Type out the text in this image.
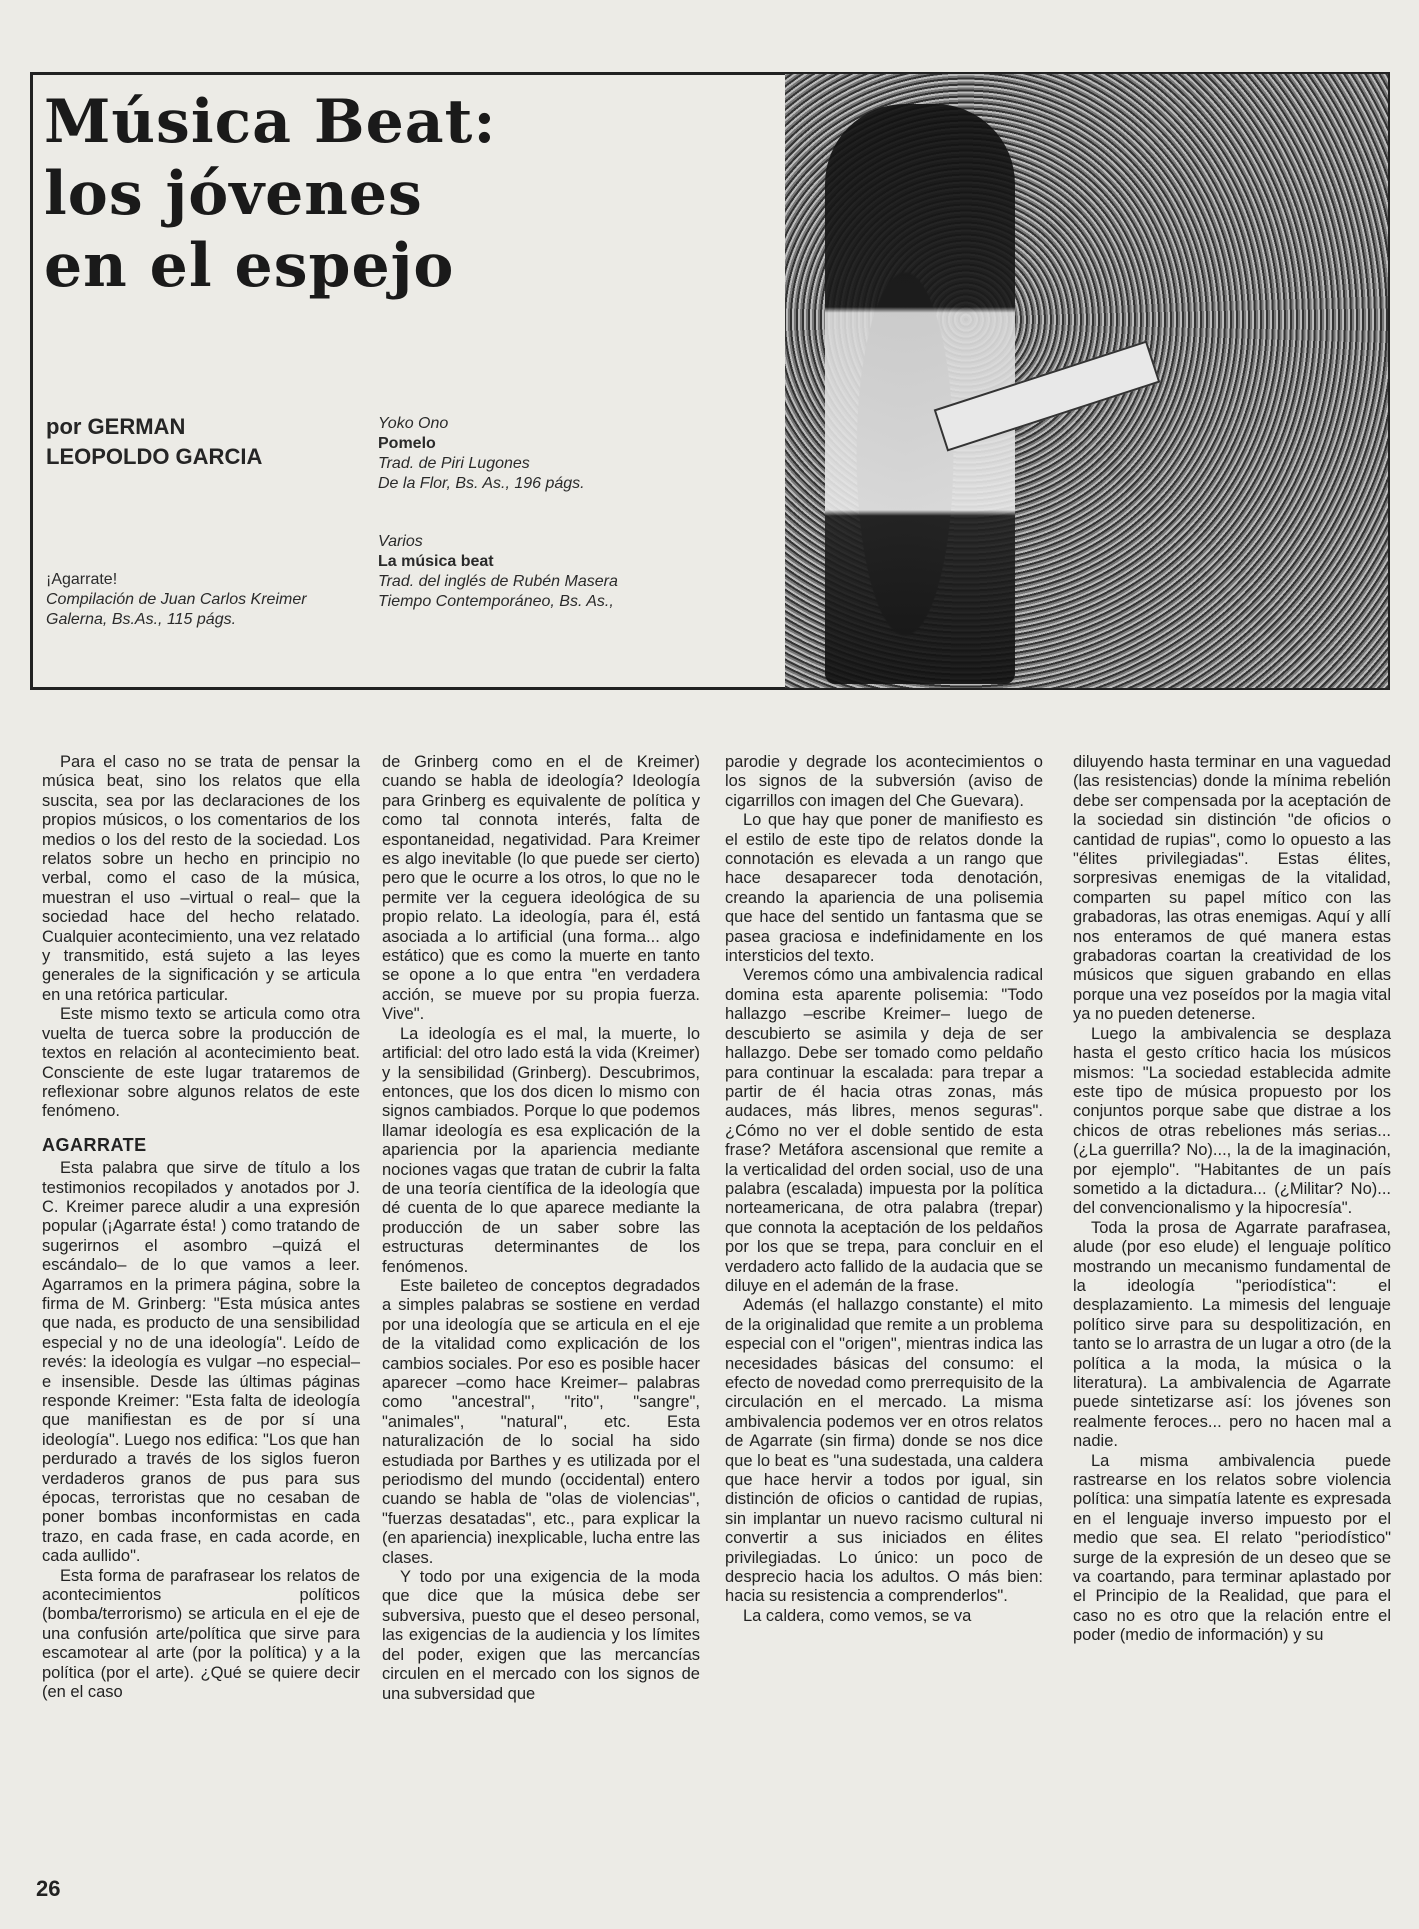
Música Beat:
los jóvenes
en el espejo
por GERMAN
LEOPOLDO GARCIA
Yoko Ono
Pomelo
Trad. de Piri Lugones
De la Flor, Bs. As., 196 págs.
Varios
La música beat
Trad. del inglés de Rubén Masera
Tiempo Contemporáneo, Bs. As.,
¡Agarrate!
Compilación de Juan Carlos Kreimer
Galerna, Bs.As., 115 págs.

Para el caso no se trata de pensar la música beat, sino los relatos que ella suscita, sea por las declaraciones de los propios músicos, o los comentarios de los medios o los del resto de la sociedad. Los relatos sobre un hecho en principio no verbal, como el caso de la música, muestran el uso –virtual o real– que la sociedad hace del hecho relatado. Cualquier acontecimiento, una vez relatado y transmitido, está sujeto a las leyes generales de la significación y se articula en una retórica particular.

Este mismo texto se articula como otra vuelta de tuerca sobre la producción de textos en relación al acontecimiento beat. Consciente de este lugar trataremos de reflexionar sobre algunos relatos de este fenómeno.

AGARRATE

Esta palabra que sirve de título a los testimonios recopilados y anotados por J. C. Kreimer parece aludir a una expresión popular (¡Agarrate ésta! ) como tratando de sugerirnos el asombro –quizá el escándalo– de lo que vamos a leer. Agarramos en la primera página, sobre la firma de M. Grinberg: "Esta música antes que nada, es producto de una sensibilidad especial y no de una ideología". Leído de revés: la ideología es vulgar –no especial– e insensible. Desde las últimas páginas responde Kreimer: "Esta falta de ideología que manifiestan es de por sí una ideología". Luego nos edifica: "Los que han perdurado a través de los siglos fueron verdaderos granos de pus para sus épocas, terroristas que no cesaban de poner bombas inconformistas en cada trazo, en cada frase, en cada acorde, en cada aullido".

Esta forma de parafrasear los relatos de acontecimientos políticos (bomba/terrorismo) se articula en el eje de una confusión arte/política que sirve para escamotear al arte (por la política) y a la política (por el arte). ¿Qué se quiere decir (en el caso

de Grinberg como en el de Kreimer) cuando se habla de ideología? Ideología para Grinberg es equivalente de política y como tal connota interés, falta de espontaneidad, negatividad. Para Kreimer es algo inevitable (lo que puede ser cierto) pero que le ocurre a los otros, lo que no le permite ver la ceguera ideológica de su propio relato. La ideología, para él, está asociada a lo artificial (una forma... algo estático) que es como la muerte en tanto se opone a lo que entra "en verdadera acción, se mueve por su propia fuerza. Vive".

La ideología es el mal, la muerte, lo artificial: del otro lado está la vida (Kreimer) y la sensibilidad (Grinberg). Descubrimos, entonces, que los dos dicen lo mismo con signos cambiados. Porque lo que podemos llamar ideología es esa explicación de la apariencia por la apariencia mediante nociones vagas que tratan de cubrir la falta de una teoría científica de la ideología que dé cuenta de lo que aparece mediante la producción de un saber sobre las estructuras determinantes de los fenómenos.

Este baileteo de conceptos degradados a simples palabras se sostiene en verdad por una ideología que se articula en el eje de la vitalidad como explicación de los cambios sociales. Por eso es posible hacer aparecer –como hace Kreimer– palabras como "ancestral", "rito", "sangre", "animales", "natural", etc. Esta naturalización de lo social ha sido estudiada por Barthes y es utilizada por el periodismo del mundo (occidental) entero cuando se habla de "olas de violencias", "fuerzas desatadas", etc., para explicar la (en apariencia) inexplicable, lucha entre las clases.

Y todo por una exigencia de la moda que dice que la música debe ser subversiva, puesto que el deseo personal, las exigencias de la audiencia y los límites del poder, exigen que las mercancías circulen en el mercado con los signos de una subversidad que

parodie y degrade los acontecimientos o los signos de la subversión (aviso de cigarrillos con imagen del Che Guevara).

Lo que hay que poner de manifiesto es el estilo de este tipo de relatos donde la connotación es elevada a un rango que hace desaparecer toda denotación, creando la apariencia de una polisemia que hace del sentido un fantasma que se pasea graciosa e indefinidamente en los intersticios del texto.

Veremos cómo una ambivalencia radical domina esta aparente polisemia: "Todo hallazgo –escribe Kreimer– luego de descubierto se asimila y deja de ser hallazgo. Debe ser tomado como peldaño para continuar la escalada: para trepar a partir de él hacia otras zonas, más audaces, más libres, menos seguras". ¿Cómo no ver el doble sentido de esta frase? Metáfora ascensional que remite a la verticalidad del orden social, uso de una palabra (escalada) impuesta por la política norteamericana, de otra palabra (trepar) que connota la aceptación de los peldaños por los que se trepa, para concluir en el verdadero acto fallido de la audacia que se diluye en el ademán de la frase.

Además (el hallazgo constante) el mito de la originalidad que remite a un problema especial con el "origen", mientras indica las necesidades básicas del consumo: el efecto de novedad como prerrequisito de la circulación en el mercado. La misma ambivalencia podemos ver en otros relatos de Agarrate (sin firma) donde se nos dice que lo beat es "una sudestada, una caldera que hace hervir a todos por igual, sin distinción de oficios o cantidad de rupias, sin implantar un nuevo racismo cultural ni convertir a sus iniciados en élites privilegiadas. Lo único: un poco de desprecio hacia los adultos. O más bien: hacia su resistencia a comprenderlos".

La caldera, como vemos, se va

diluyendo hasta terminar en una vaguedad (las resistencias) donde la mínima rebelión debe ser compensada por la aceptación de la sociedad sin distinción "de oficios o cantidad de rupias", como lo opuesto a las "élites privilegiadas". Estas élites, sorpresivas enemigas de la vitalidad, comparten su papel mítico con las grabadoras, las otras enemigas. Aquí y allí nos enteramos de qué manera estas grabadoras coartan la creatividad de los músicos que siguen grabando en ellas porque una vez poseídos por la magia vital ya no pueden detenerse.

Luego la ambivalencia se desplaza hasta el gesto crítico hacia los músicos mismos: "La sociedad establecida admite este tipo de música propuesto por los conjuntos porque sabe que distrae a los chicos de otras rebeliones más serias... (¿La guerrilla? No)..., la de la imaginación, por ejemplo". "Habitantes de un país sometido a la dictadura... (¿Militar? No)... del convencionalismo y la hipocresía".

Toda la prosa de Agarrate parafrasea, alude (por eso elude) el lenguaje político mostrando un mecanismo fundamental de la ideología "periodística": el desplazamiento. La mimesis del lenguaje político sirve para su despolitización, en tanto se lo arrastra de un lugar a otro (de la política a la moda, la música o la literatura). La ambivalencia de Agarrate puede sintetizarse así: los jóvenes son realmente feroces... pero no hacen mal a nadie.

La misma ambivalencia puede rastrearse en los relatos sobre violencia política: una simpatía latente es expresada en el lenguaje inverso impuesto por el medio que sea. El relato "periodístico" surge de la expresión de un deseo que se va coartando, para terminar aplastado por el Principio de la Realidad, que para el caso no es otro que la relación entre el poder (medio de información) y su

26
